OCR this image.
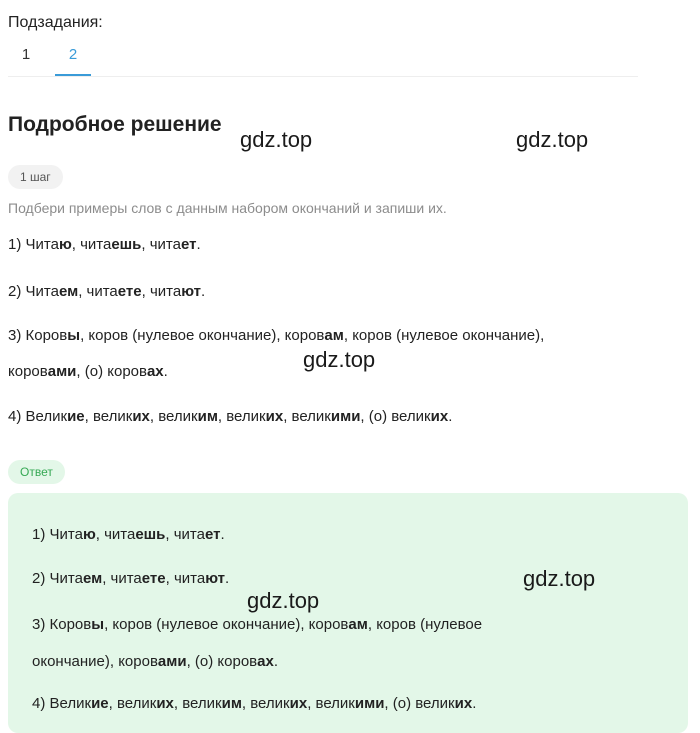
Подзадания:
1	2
Подробное решение
1 шаг
Подбери примеры слов с данным набором окончаний и запиши их.
1) Читаю, читаешь, читает.
2) Читаем, читаете, читают.
3) Коровы, коров (нулевое окончание), коровам, коров (нулевое окончание),
коровами, (о) коровах.
4) Великие, великих, великим, великих, великими, (о) великих.
Ответ
1) Читаю, читаешь, читает.
2) Читаем, читаете, читают.
3) Коровы, коров (нулевое окончание), коровам, коров (нулевое
окончание), коровами, (о) коровах.
4) Великие, великих, великим, великих, великими, (о) великих.
gdz.top	gdz.top
gdz.top
gdz.top
gdz.top
